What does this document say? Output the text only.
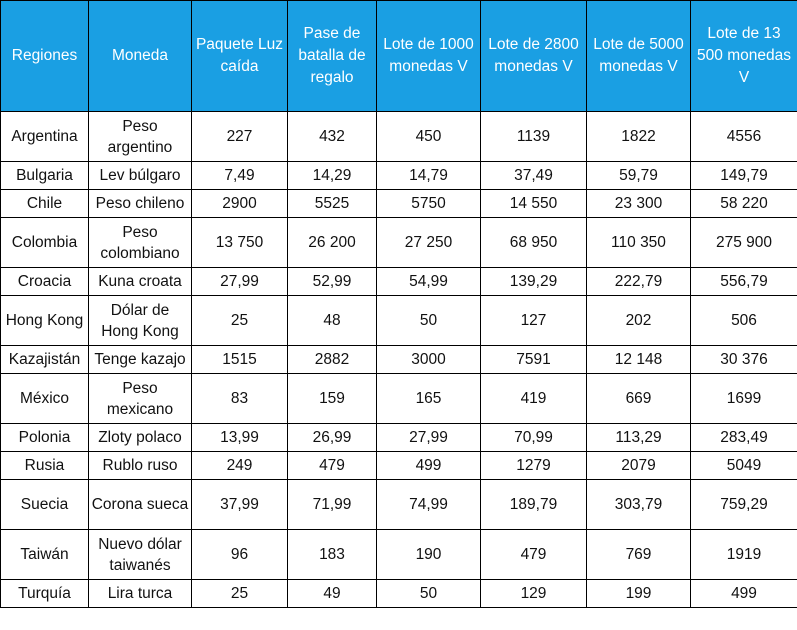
Regiones	Moneda	Paquete Luz caída	Pase de batalla de regalo	Lote de 1000 monedas V	Lote de 2800 monedas V	Lote de 5000 monedas V	Lote de 13 500 monedas V
Argentina	Peso argentino	227	432	450	1139	1822	4556
Bulgaria	Lev búlgaro	7,49	14,29	14,79	37,49	59,79	149,79
Chile	Peso chileno	2900	5525	5750	14 550	23 300	58 220
Colombia	Peso colombiano	13 750	26 200	27 250	68 950	110 350	275 900
Croacia	Kuna croata	27,99	52,99	54,99	139,29	222,79	556,79
Hong Kong	Dólar de Hong Kong	25	48	50	127	202	506
Kazajistán	Tenge kazajo	1515	2882	3000	7591	12 148	30 376
México	Peso mexicano	83	159	165	419	669	1699
Polonia	Zloty polaco	13,99	26,99	27,99	70,99	113,29	283,49
Rusia	Rublo ruso	249	479	499	1279	2079	5049
Suecia	Corona sueca	37,99	71,99	74,99	189,79	303,79	759,29
Taiwán	Nuevo dólar taiwanés	96	183	190	479	769	1919
Turquía	Lira turca	25	49	50	129	199	499
